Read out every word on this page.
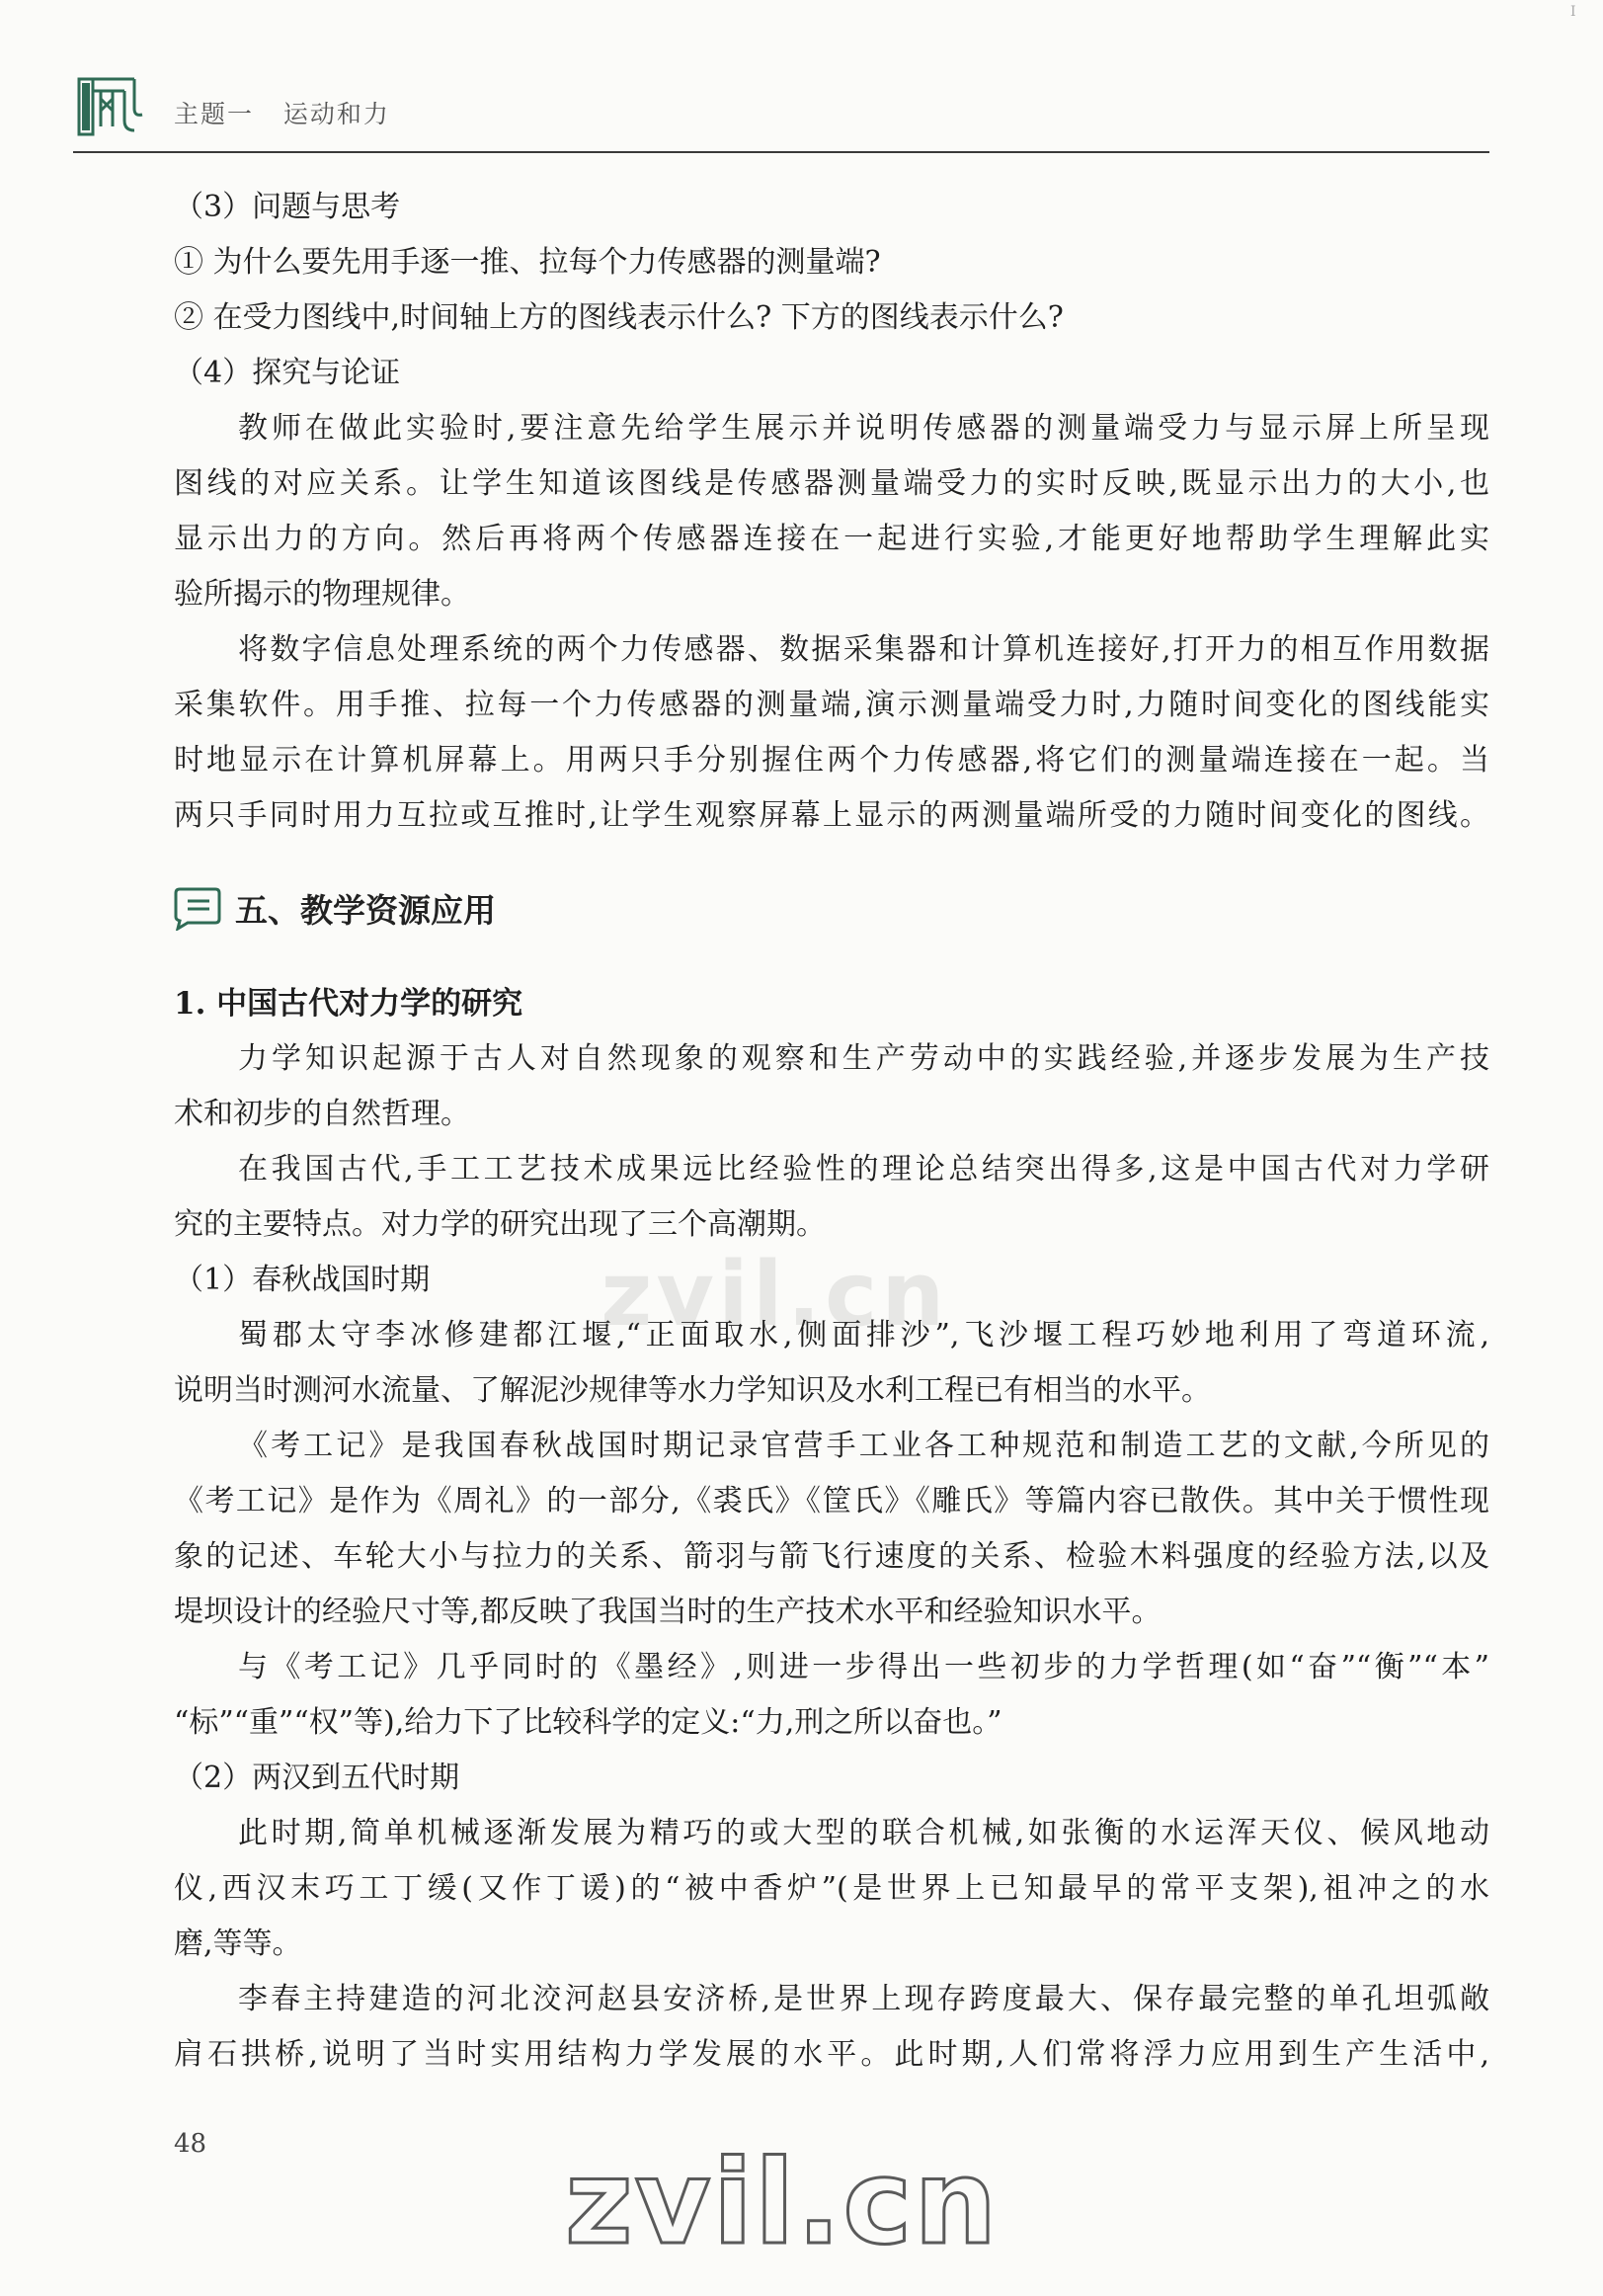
主题一   运动和力
I
（3）问题与思考
① 为什么要先用手逐一推、拉每个力传感器的测量端?
② 在受力图线中,时间轴上方的图线表示什么? 下方的图线表示什么?
（4）探究与论证
教师在做此实验时,要注意先给学生展示并说明传感器的测量端受力与显示屏上所呈现
图线的对应关系。让学生知道该图线是传感器测量端受力的实时反映,既显示出力的大小,也
显示出力的方向。然后再将两个传感器连接在一起进行实验,才能更好地帮助学生理解此实
验所揭示的物理规律。
将数字信息处理系统的两个力传感器、数据采集器和计算机连接好,打开力的相互作用数据
采集软件。用手推、拉每一个力传感器的测量端,演示测量端受力时,力随时间变化的图线能实
时地显示在计算机屏幕上。用两只手分别握住两个力传感器,将它们的测量端连接在一起。当
两只手同时用力互拉或互推时,让学生观察屏幕上显示的两测量端所受的力随时间变化的图线。
五、教学资源应用
1. 中国古代对力学的研究
力学知识起源于古人对自然现象的观察和生产劳动中的实践经验,并逐步发展为生产技
术和初步的自然哲理。
在我国古代,手工工艺技术成果远比经验性的理论总结突出得多,这是中国古代对力学研
究的主要特点。对力学的研究出现了三个高潮期。
（1）春秋战国时期
蜀郡太守李冰修建都江堰,“正面取水,侧面排沙”,飞沙堰工程巧妙地利用了弯道环流,
说明当时测河水流量、了解泥沙规律等水力学知识及水利工程已有相当的水平。
《考工记》是我国春秋战国时期记录官营手工业各工种规范和制造工艺的文献,今所见的
《考工记》是作为《周礼》的一部分,《裘氏》《筐氏》《雕氏》等篇内容已散佚。其中关于惯性现
象的记述、车轮大小与拉力的关系、箭羽与箭飞行速度的关系、检验木料强度的经验方法,以及
堤坝设计的经验尺寸等,都反映了我国当时的生产技术水平和经验知识水平。
与《考工记》几乎同时的《墨经》,则进一步得出一些初步的力学哲理(如“奋”“衡”“本”
“标”“重”“权”等),给力下了比较科学的定义:“力,刑之所以奋也。”
（2）两汉到五代时期
此时期,简单机械逐渐发展为精巧的或大型的联合机械,如张衡的水运浑天仪、候风地动
仪,西汉末巧工丁缓(又作丁谖)的“被中香炉”(是世界上已知最早的常平支架),祖冲之的水
磨,等等。
李春主持建造的河北洨河赵县安济桥,是世界上现存跨度最大、保存最完整的单孔坦弧敞
肩石拱桥,说明了当时实用结构力学发展的水平。此时期,人们常将浮力应用到生产生活中,
zvil.cn
48	zvil.cn
